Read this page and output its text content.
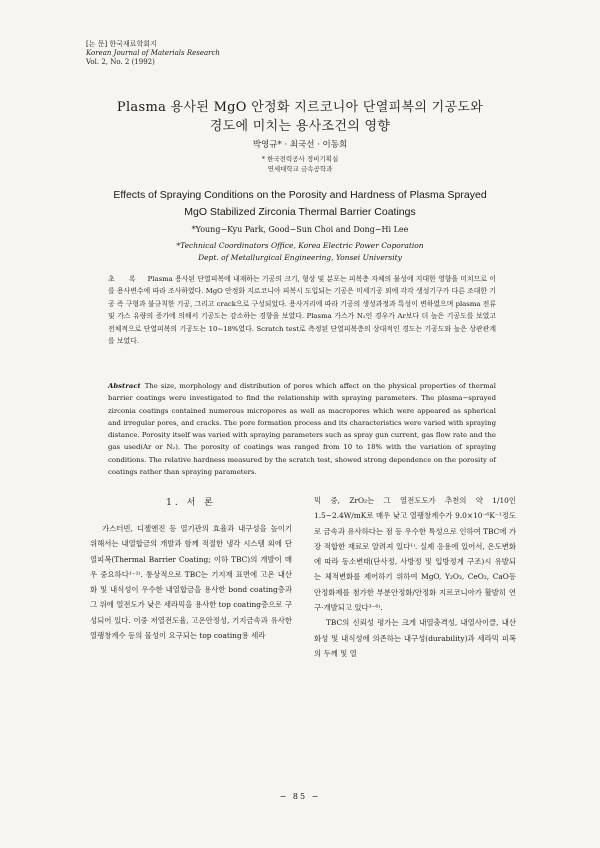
[논 문] 한국재료학회지
Korean Journal of Materials Research
Vol. 2, No. 2 (1992)
Plasma 용사된 MgO 안정화 지르코니아 단열피복의 기공도와
경도에 미치는 용사조건의 영향
박영규* · 최국선 · 이동희
* 한국전력공사 정비기획실
연세대학교 금속공학과
Effects of Spraying Conditions on the Porosity and Hardness of Plasma Sprayed
MgO Stabilized Zirconia Thermal Barrier Coatings
*Young−Kyu Park, Good−Sun Choi and Dong−Hi Lee
*Technical Coordinators Office, Korea Electric Power Coporation
Dept. of Metallurgical Engineering, Yonsei University
초 록 Plasma 용사된 단열피복에 내재하는 기공의 크기, 형상 및 분포는 피복층 자체의 물성에 지대한 영향을 미치므로 이를 용사변수에 따라 조사하였다. MgO 안정화 지르코니아 피복시 도입되는 기공은 미세기공 외에 각각 생성기구가 다른 조대한 기공 즉 구형과 불규칙한 기공, 그리고 crack으로 구성되었다. 용사거리에 따라 기공의 생성과정과 특성이 변하였으며 plasma 전류 및 가스 유량의 증가에 의해서 기공도는 감소하는 경향을 보였다. Plasma 가스가 N₂인 경우가 Ar보다 더 높은 기공도를 보였고 전체적으로 단열피복의 기공도는 10~18%였다. Scratch test로 측정된 단열피복층의 상대적인 경도는 기공도와 높은 상관관계를 보였다.
Abstract The size, morphology and distribution of pores which affect on the physical properties of thermal barrier coatings were investigated to find the relationship with spraying parameters. The plasma−sprayed zirconia coatings contained numerous micropores as well as macropores which were appeared as spherical and irregular pores, and cracks. The pore formation process and its characteristics were varied with spraying distance. Porosity itself was varied with spraying parameters such as spray gun current, gas flow rate and the gas used(Ar or N₂). The porosity of coatings was ranged from 10 to 18% with the variation of spraying conditions. The relative hardness measured by the scratch test, showed strong dependence on the porosity of coatings rather than spraying parameters.
1. 서 론
가스터빈, 디젤엔진 등 열기관의 효율과 내구성을 높이기 위해서는 내열합금의 개발과 함께 적절한 냉각 시스템 외에 단열피복(Thermal Barrier Coating; 이하 TBC)의 개발이 매우 중요하다¹⁻²⁾. 통상적으로 TBC는 기지재 표면에 고온 내산화 및 내식성이 우수한 내열합금을 용사한 bond coating층과 그 위에 열전도가 낮은 세라믹을 용사한 top coating층으로 구성되어 있다. 이중 저열전도율, 고온안정성, 기지금속과 유사한 열팽창계수 등의 물성이 요구되는 top coating용 세라
믹 중, ZrO₂는 그 열전도도가 추천의 약 1/10인 1.5~2.4W/mK로 매우 낮고 열팽창계수가 9.0×10⁻⁶K⁻¹정도로 금속과 유사하다는 점 등 우수한 특성으로 인하여 TBC에 가장 적합한 재료로 알려져 있다¹⁾. 실제 응용에 있어서, 온도변화에 따라 동소변태(단사정, 사방정 및 입방정계 구조)시 유발되는 체적변화를 제어하기 위하여 MgO, Y₂O₃, CeO₂, CaO등 안정화제를 첨가한 부분안정화/안정화 지르코니아가 활발히 연구·개발되고 있다³⁻⁶⁾.
TBC의 신뢰성 평가는 크게 내열충격성, 내열사이클, 내산화성 및 내식성에 의존하는 내구성(durability)과 세라믹 피복의 두께 및 열
− 85 −
